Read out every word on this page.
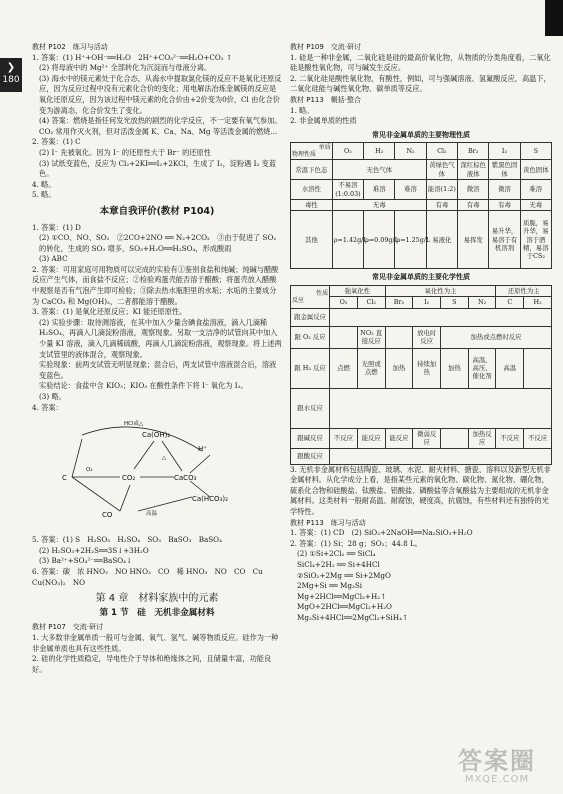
❯
180

教材 P102　练习与活动

1. 答案：(1) H⁺+OH⁻══H₂O　2H⁺+CO₃²⁻══H₂O+CO₂ ↑

(2) 将母液中的 Mg²⁺ 全部转化为沉淀而与母液分离。

(3) 海水中的镁元素处于化合态，从海水中提取氯化镁的反应不是氧化还原反应，因为反应过程中没有元素化合价的变化；用电解法冶炼金属镁的反应是氧化还原反应，因为该过程中镁元素的化合价由+2价变为0价，Cl 由化合价变为游离态，化合价发生了变化。

(4) 答案：燃烧是指任何发光放热的剧烈的化学反应，不一定要有氧气参加。CO₂ 常用作灭火剂，但对活泼金属 K、Ca、Na、Mg 等活泼金属的燃烧...

2. 答案：(1) C

(2) I⁻ 先被氧化。因为 I⁻ 的还原性大于 Br⁻ 的还原性

(3) 试纸变蓝色，反应为 Cl₂+2KI══I₂+2KCl，生成了 I₂，淀粉遇 I₂ 变蓝色。

4. 略。

5. 略。

本章自我评价(教材 P104)

1. 答案：(1) D

(2) ①CO、NO、SO₂　②2CO+2NO ══ N₂+2CO₂　③由于促进了 SO₂ 的转化，生成的 SO₃ 增多，SO₃+H₂O══H₂SO₄，形成酸雨

(3) ABC

2. 答案：可用家庭可用物质可以完成的实验有①鉴别食盐和纯碱；纯碱与醋酸反应产生气体，而食盐不反应；②检验鸡蛋壳能否溶于醋酸；将蛋壳放入醋酸中观察是否有气泡产生即可检验；③除去热水瓶胆里的水垢；水垢的主要成分为 CaCO₃ 和 Mg(OH)₂，二者都能溶于醋酸。

3. 答案：(1) 是氧化还原反应；KI 能还原原性。

(2) 实验步骤：取待测溶液，在其中加入少量含碘食盐溶液，滴入几滴稀 H₂SO₄，再滴入几滴淀粉溶液，观察现象。另取一支洁净的试管向其中加入少量 KI 溶液，滴入几滴稀硫酸，再滴入几滴淀粉溶液，观察现象。将上述两支试管里的液体混合，观察现象。

实验现象：前两支试管无明显现象；混合后，两支试管中溶液混合后，溶液变蓝色。

实验结论：食盐中含 KIO₃；KIO₃ 在酸性条件下将 I⁻ 氧化为 I₂。

(3) 略。

4. 答案：

C	CO₂
CO
CaCO₃
Ca(HCO₃)₂
Ca(OH)₂
H⁺
△
HCl或△
O₂
高温

5. 答案：(1) S　H₂SO₃　H₂SO₄　SO₃　BaSO₃　BaSO₄

(2) H₂SO₃+2H₂S══3S↓+3H₂O

(3) Ba²⁺+SO₄²⁻══BaSO₄↓

6. 答案：碳　浓 HNO₃　NO HNO₃　CO　稀 HNO₃　NO　CO　Cu　Cu(NO₃)₂　NO

第 4 章　材料家族中的元素
第 1 节　硅　无机非金属材料

教材 P107　交流·研讨

1. 大多数非金属单质一般可与金属、氧气、氢气、碱等物质反应。硅作为一种非金属单质也具有这些性质。

2. 硅的化学性质稳定，导电性介于导体和绝缘体之间，且储量丰富，功能良好。

教材 P109　交流·研讨

1. 硅是一种非金属，二氧化硅是硅的最高价氧化物，从物质的分类角度看，二氧化硅是酸性氧化物，可与碱发生反应。

2. 二氧化硅是酸性氧化物，有酸性，例如，可与强碱溶液、氢氟酸反应，高温下，二氧化硅能与碱性氧化物、碳单质等反应。

教材 P113　概括·整合

1. 略。

2. 非金属单质的性质

常见非金属单质的主要物理性质
单质
物理性质	O₂	H₂	N₂	Cl₂	Br₂	I₂	S
常温下色态	无色气体			黄绿色气体	深红棕色液体	紫黑色固体	黄色固体
水溶性	不易溶(1:0.03)	难溶	难溶	能溶(1:2)	微溶	微溶	难溶
毒性	无毒			有毒	有毒	有毒	无毒
其他	ρ=1.42g/L	ρ=0.09g/L	ρ=1.25g/L	易液化	易挥发	易升华，易溶于有机溶剂	质脆，易升华，易溶于酒精，易溶于CS₂
常见非金属单质的主要化学性质
性质
反应	强氧化性		氧化性为主				还原性为主	
	O₂	Cl₂	Br₂	I₂	S	N₂	C	H₂
跟金属反应								
跟 O₂ 反应		NO₂ 直接反应		放电时反应	加热或点燃时反应			
跟 H₂ 反应	点燃	光照或点燃	加热	持续加热	加热	高温、高压、催化剂	高温	
跟水反应								
跟碱反应	不反应	能反应	能反应	微弱反应		加热反应	不反应	不反应
跟酸反应								

3. 无机非金属材料包括陶瓷、玻璃、水泥、耐火材料、搪瓷、溶料以及新型无机非金属材料。从化学成分上看，是指某些元素的氧化物、碳化物、氮化物、硼化物，硫系化合物和硅酸盐、钛酸盐、铝酸盐、磷酸盐等含氧酸盐为主要组成的无机非金属材料。这类材料一般耐高温、耐腐蚀，硬度高，抗腐蚀，有些材料还有独特的光学特性。

教材 P113　练习与活动

1. 答案：(1) CD　(2) SiO₂+2NaOH══Na₂SiO₃+H₂O

2. 答案：(1) Si；28 g；SO₂；44.8 L。

(2) ①Si+2Cl₂ ══ SiCl₄

SiCl₄+2H₂ ══ Si+4HCl

②SiO₂+2Mg ══ Si+2MgO

2Mg+Si ══ Mg₂Si

Mg+2HCl══MgCl₂+H₂↑

MgO+2HCl══MgCl₂+H₂O

Mg₂Si+4HCl══2MgCl₂+SiH₄↑

答案圈
MXQE.COM
